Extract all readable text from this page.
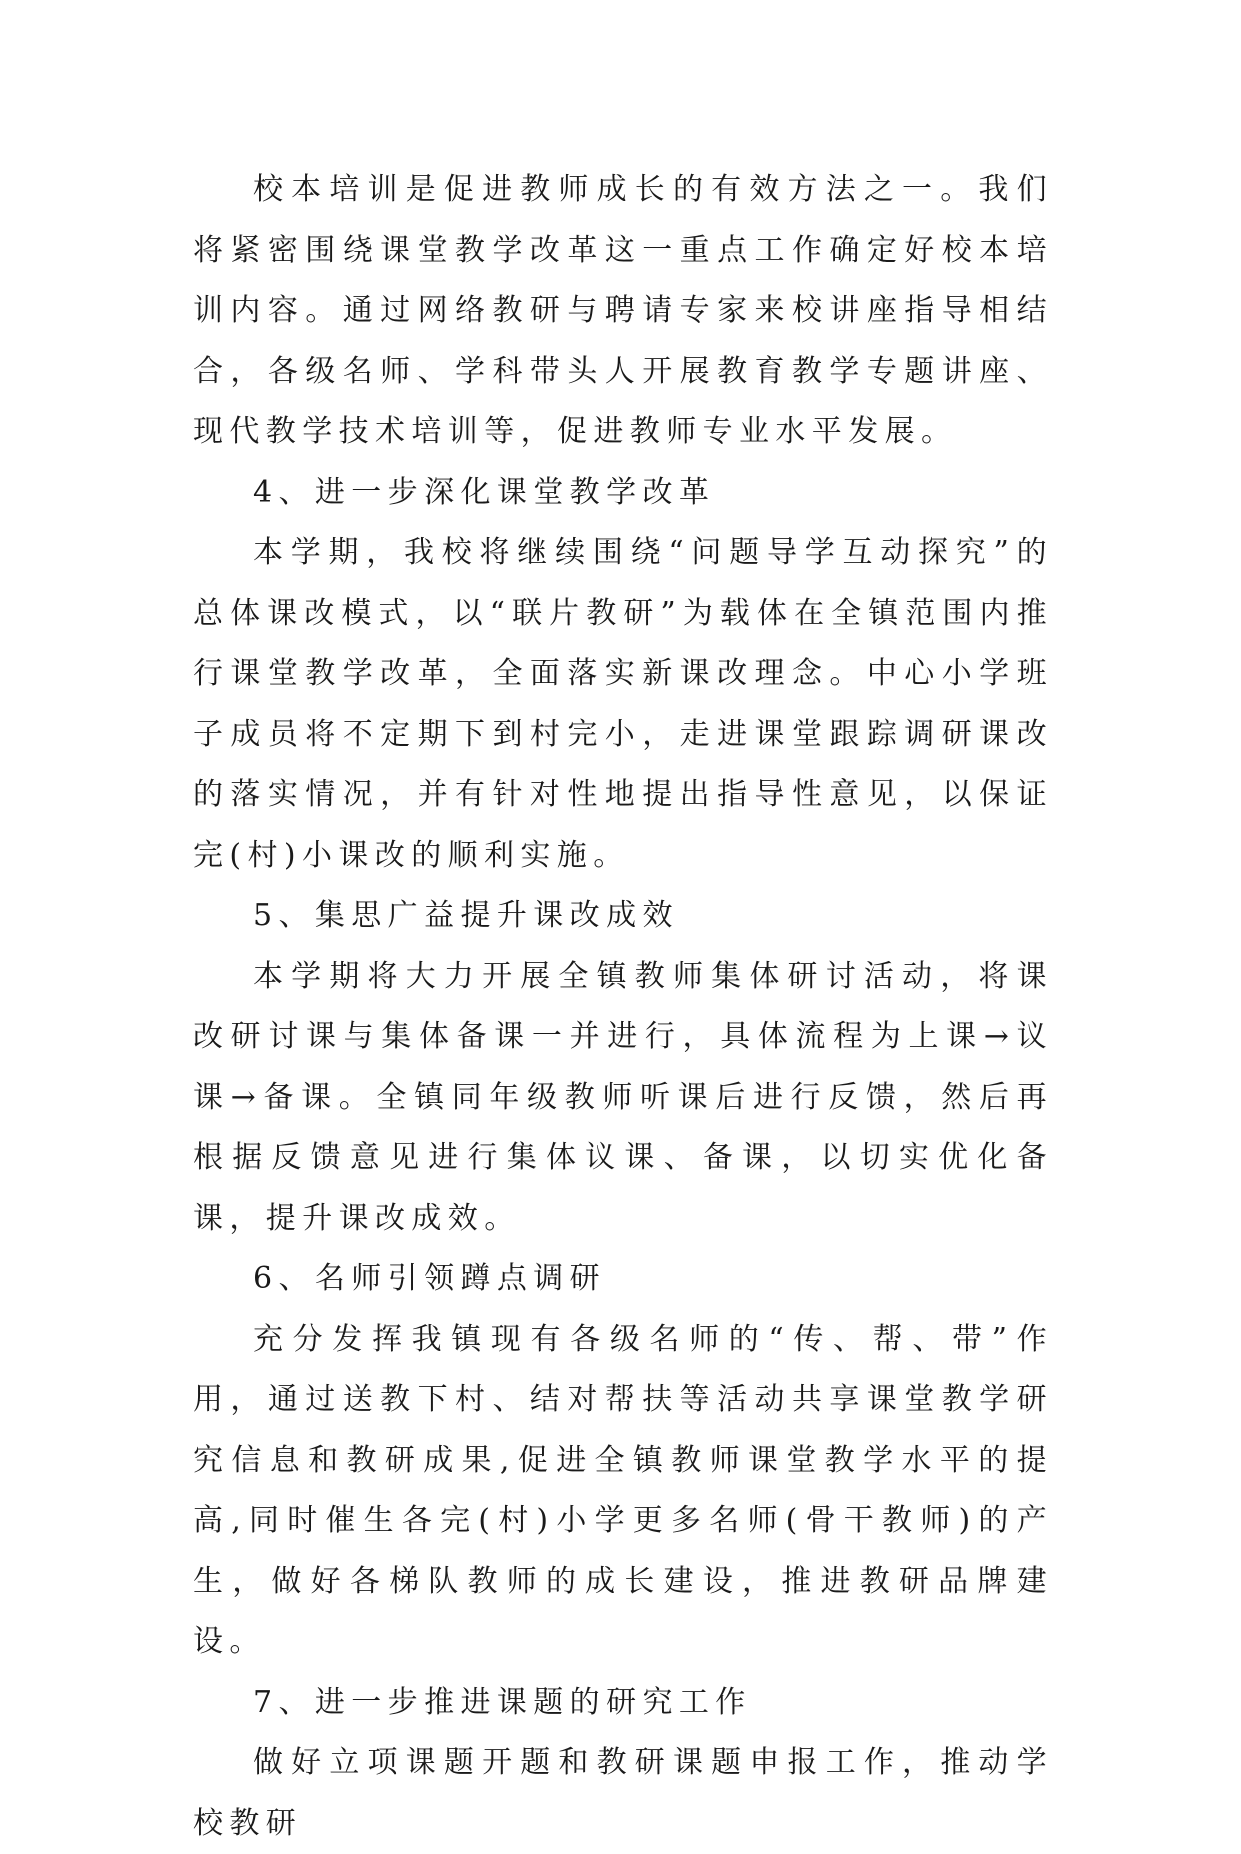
校本培训是促进教师成长的有效方法之一。我们将紧密围绕课堂教学改革这一重点工作确定好校本培训内容。通过网络教研与聘请专家来校讲座指导相结合，各级名师、学科带头人开展教育教学专题讲座、现代教学技术培训等，促进教师专业水平发展。

4、进一步深化课堂教学改革

本学期，我校将继续围绕“问题导学互动探究”的总体课改模式，以“联片教研”为载体在全镇范围内推行课堂教学改革，全面落实新课改理念。中心小学班子成员将不定期下到村完小，走进课堂跟踪调研课改的落实情况，并有针对性地提出指导性意见，以保证完(村)小课改的顺利实施。

5、集思广益提升课改成效

本学期将大力开展全镇教师集体研讨活动，将课改研讨课与集体备课一并进行，具体流程为上课→议课→备课。全镇同年级教师听课后进行反馈，然后再根据反馈意见进行集体议课、备课，以切实优化备课，提升课改成效。

6、名师引领蹲点调研

充分发挥我镇现有各级名师的“传、帮、带”作用，通过送教下村、结对帮扶等活动共享课堂教学研究信息和教研成果,促进全镇教师课堂教学水平的提高,同时催生各完(村)小学更多名师(骨干教师)的产生，做好各梯队教师的成长建设，推进教研品牌建设。

7、进一步推进课题的研究工作

做好立项课题开题和教研课题申报工作，推动学校教研
